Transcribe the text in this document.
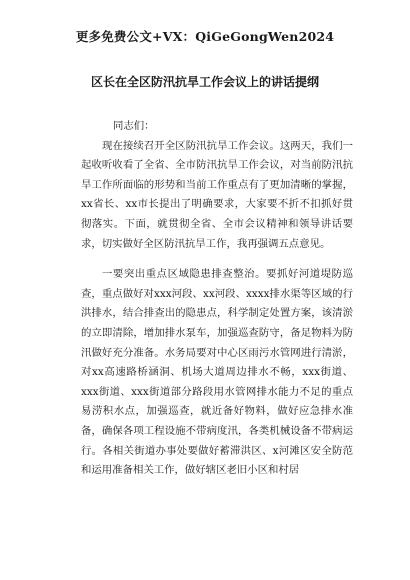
更多免费公文+VX：QiGeGongWen2024
区长在全区防汛抗旱工作会议上的讲话提纲

同志们：

现在接续召开全区防汛抗旱工作会议。这两天，我们一起收听收看了全省、全市防汛抗旱工作会议，对当前防汛抗旱工作所面临的形势和当前工作重点有了更加清晰的掌握，xx省长、xx市长提出了明确要求，大家要不折不扣抓好贯彻落实。下面，就贯彻全省、全市会议精神和领导讲话要求，切实做好全区防汛抗旱工作，我再强调五点意见。

一要突出重点区域隐患排查整治。要抓好河道堤防巡查，重点做好对xxx河段、xx河段、xxxx排水渠等区域的行洪排水，结合排查出的隐患点，科学制定处置方案，该清淤的立即清除，增加排水泵车，加强巡查防守，备足物料为防汛做好充分准备。水务局要对中心区雨污水管网进行清淤，对xx高速路桥涵洞、机场大道周边排水不畅，xxx街道、xxx街道、xxx街道部分路段用水管网排水能力不足的重点易涝积水点，加强巡查，就近备好物料，做好应急排水准备，确保各项工程设施不带病度汛，各类机械设备不带病运行。各相关街道办事处要做好蓄滞洪区、x河滩区安全防范和运用准备相关工作，做好辖区老旧小区和村居
